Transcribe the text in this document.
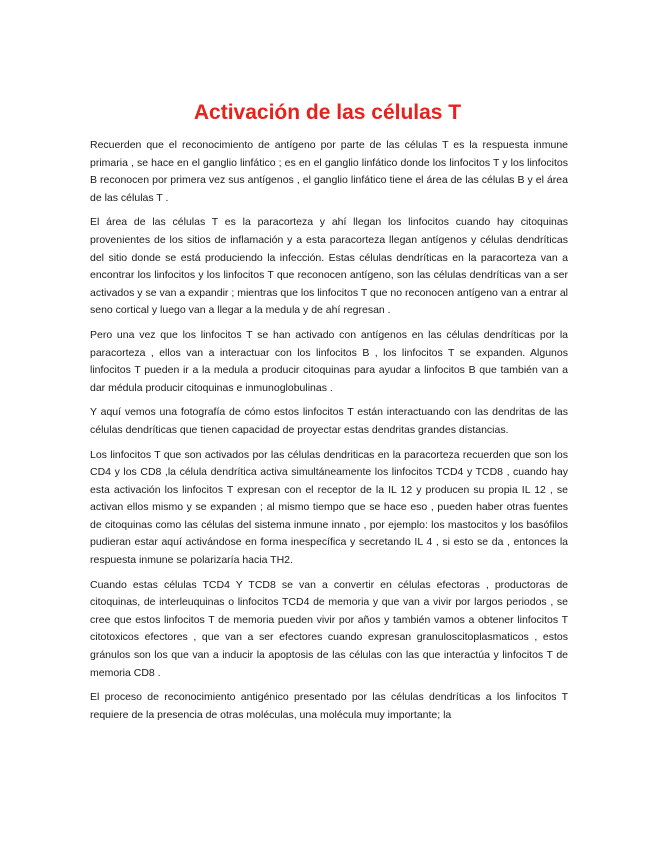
Activación de las células T

Recuerden que el reconocimiento de antígeno por parte de las células T es la respuesta inmune primaria , se hace en el ganglio linfático ; es en el ganglio linfático donde los linfocitos T y los linfocitos B reconocen por primera vez sus antígenos , el ganglio linfático tiene el área de las células B y el área de las células T .

El área de las células T es la paracorteza y ahí llegan los linfocitos cuando hay citoquinas provenientes de los sitios de inflamación y a esta paracorteza llegan antígenos y células dendríticas del sitio donde se está produciendo la infección. Estas células dendríticas en la paracorteza van a encontrar los linfocitos y los linfocitos T que reconocen antígeno, son las células dendríticas van a ser activados y se van a expandir ; mientras que los linfocitos T que no reconocen antígeno van a entrar al seno cortical y luego van a llegar a la medula y de ahí regresan .

Pero una vez que los linfocitos T se han activado con antígenos en las células dendríticas por la paracorteza , ellos van a interactuar con los linfocitos B , los linfocitos T se expanden. Algunos linfocitos T pueden ir a la medula a producir citoquinas para ayudar a linfocitos B que también van a dar médula producir citoquinas e inmunoglobulinas .

Y aquí vemos una fotografía de cómo estos linfocitos T están interactuando con las dendritas de las células dendríticas que tienen capacidad de proyectar estas dendritas grandes distancias.

Los linfocitos T que son activados por las células dendriticas en la paracorteza recuerden que son los CD4 y los CD8 ,la célula dendrítica activa simultáneamente los linfocitos TCD4 y TCD8 , cuando hay esta activación los linfocitos T expresan con el receptor de la IL 12 y producen su propia IL 12 , se activan ellos mismo y se expanden ; al mismo tiempo que se hace eso , pueden haber otras fuentes de citoquinas como las células del sistema inmune innato , por ejemplo: los mastocitos y los basófilos pudieran estar aquí activándose en forma inespecífica y secretando IL 4 , si esto se da , entonces la respuesta inmune se polarizaría hacia TH2.

Cuando estas células TCD4 Y TCD8 se van a convertir en células efectoras , productoras de citoquinas, de interleuquinas o linfocitos TCD4 de memoria y que van a vivir por largos periodos , se cree que estos linfocitos T de memoria pueden vivir por años y también vamos a obtener linfocitos T citotoxicos efectores , que van a ser efectores cuando expresan granuloscitoplasmaticos , estos gránulos son los que van a inducir la apoptosis de las células con las que interactúa y linfocitos T de memoria CD8 .

El proceso de reconocimiento antigénico presentado por las células dendríticas a los linfocitos T requiere de la presencia de otras moléculas, una molécula muy importante; la
